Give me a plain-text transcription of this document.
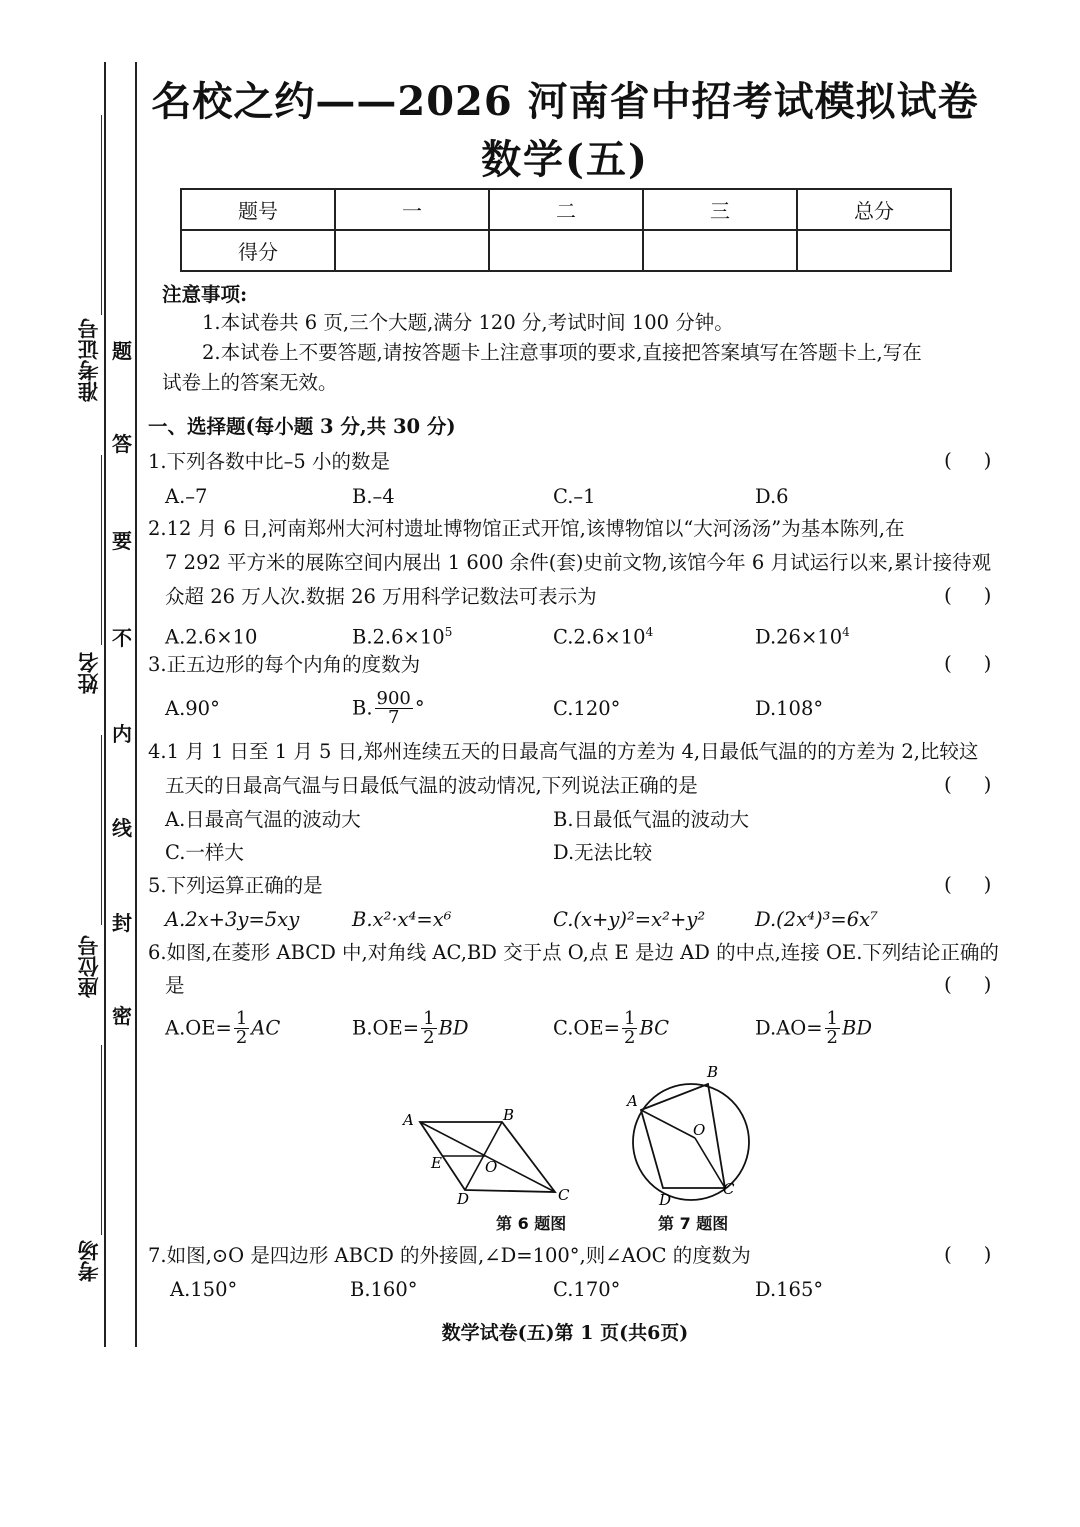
题
答
要
不
内
线
封
密
准考证号
姓名
座位号
考场
名校之约——2026 河南省中招考试模拟试卷
数学(五)
题号	一	二	三	总分
得分				
注意事项:
1.本试卷共 6 页,三个大题,满分 120 分,考试时间 100 分钟。
2.本试卷上不要答题,请按答题卡上注意事项的要求,直接把答案填写在答题卡上,写在
试卷上的答案无效。
一、选择题(每小题 3 分,共 30 分)
1.下列各数中比–5 小的数是	(     )
A.–7	B.–4	C.–1	D.6
2.12 月 6 日,河南郑州大河村遗址博物馆正式开馆,该博物馆以“大河汤汤”为基本陈列,在
7 292 平方米的展陈空间内展出 1 600 余件(套)史前文物,该馆今年 6 月试运行以来,累计接待观
众超 26 万人次.数据 26 万用科学记数法可表示为	(     )
A.2.6×10	$B.2.6\times 10^5$	$C.2.6\times 10^4$	$D.26\times 10^4$
3.正五边形的每个内角的度数为	(     )
A.90°	B. $\frac{900}{7}$ °	C.120°	D.108°
4.1 月 1 日至 1 月 5 日,郑州连续五天的日最高气温的方差为 4,日最低气温的的方差为 2,比较这
五天的日最高气温与日最低气温的波动情况,下列说法正确的是	(     )
A.日最高气温的波动大	B.日最低气温的波动大
C.一样大	D.无法比较
5.下列运算正确的是	(     )
A.2x+3y=5xy	B.x²·x⁴=x⁶	C.(x+y)²=x²+y²	D.(2x⁴)³=6x⁷
6.如图,在菱形 ABCD 中,对角线 AC,BD 交于点 O,点 E 是边 AD 的中点,连接 OE.下列结论正确的
是	(     )
$A.OE= \frac{1}{2}$ AC	$B.OE= \frac{1}{2}$ BD	$C.OE= \frac{1}{2}$ BC	$D.AO= \frac{1}{2}$ BD
A	B
C
D
E	O
第 6 题图
A
B
C
D
O
第 7 题图
7.如图,⊙O 是四边形 ABCD 的外接圆,∠D=100°,则∠AOC 的度数为	(     )
A.150°	B.160°	C.170°	D.165°
数学试卷(五)第 1 页(共6页)
